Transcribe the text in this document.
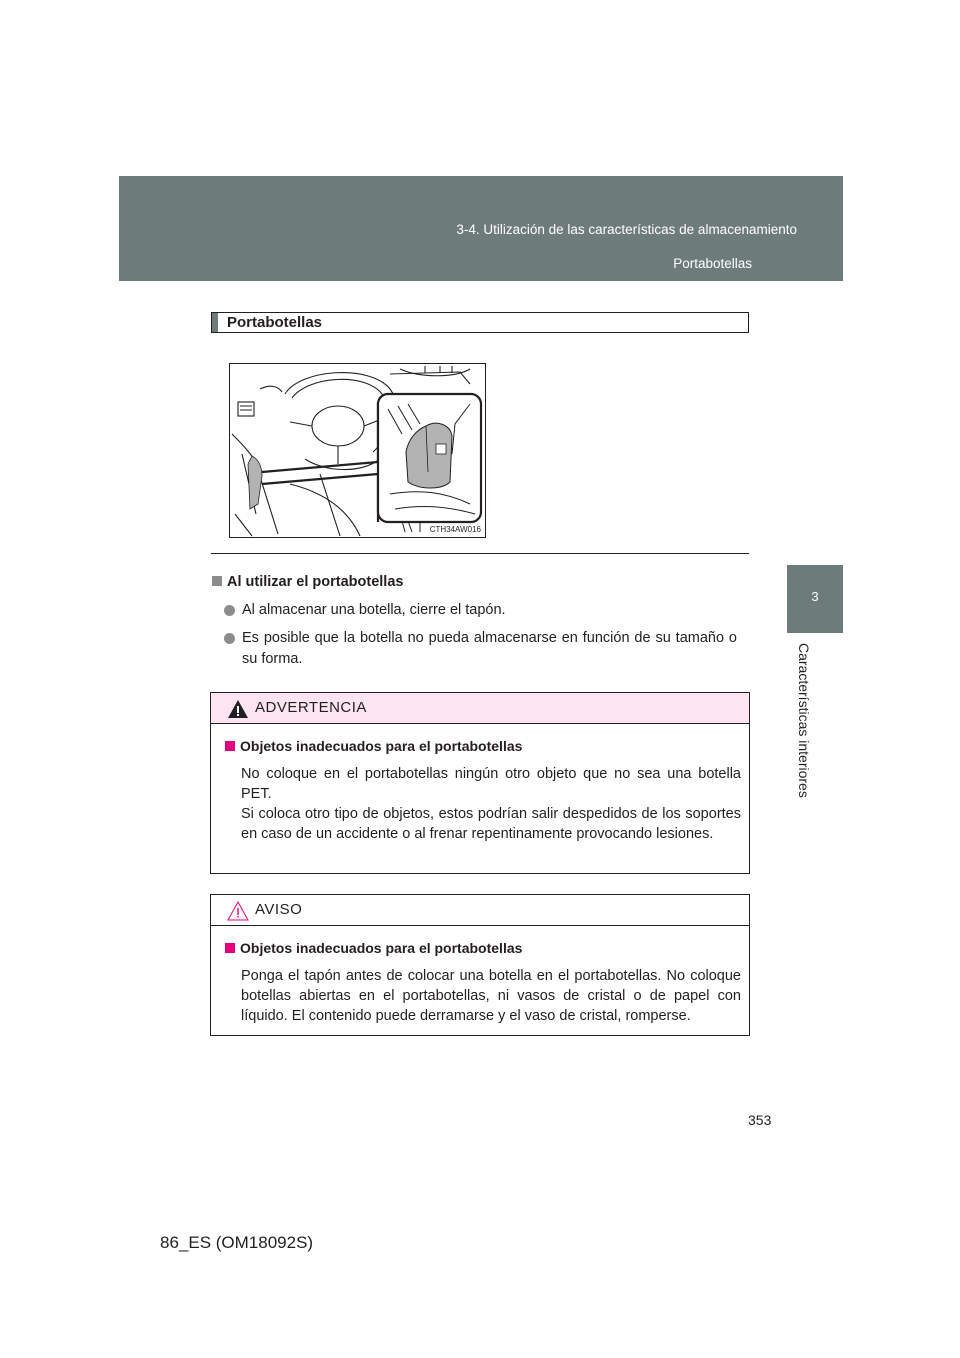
3-4. Utilización de las características de almacenamiento
Portabotellas
3
Características interiores
Portabotellas
CTH34AW016
Al utilizar el portabotellas
Al almacenar una botella, cierre el tapón.
Es posible que la botella no pueda almacenarse en función de su tamaño o su forma.
ADVERTENCIA
Objetos inadecuados para el portabotellas
No coloque en el portabotellas ningún otro objeto que no sea una botella PET.
Si coloca otro tipo de objetos, estos podrían salir despedidos de los soportes en caso de un accidente o al frenar repentinamente provocando lesiones.
AVISO
Objetos inadecuados para el portabotellas
Ponga el tapón antes de colocar una botella en el portabotellas. No coloque botellas abiertas en el portabotellas, ni vasos de cristal o de papel con líquido. El contenido puede derramarse y el vaso de cristal, romperse.
353
86_ES (OM18092S)
